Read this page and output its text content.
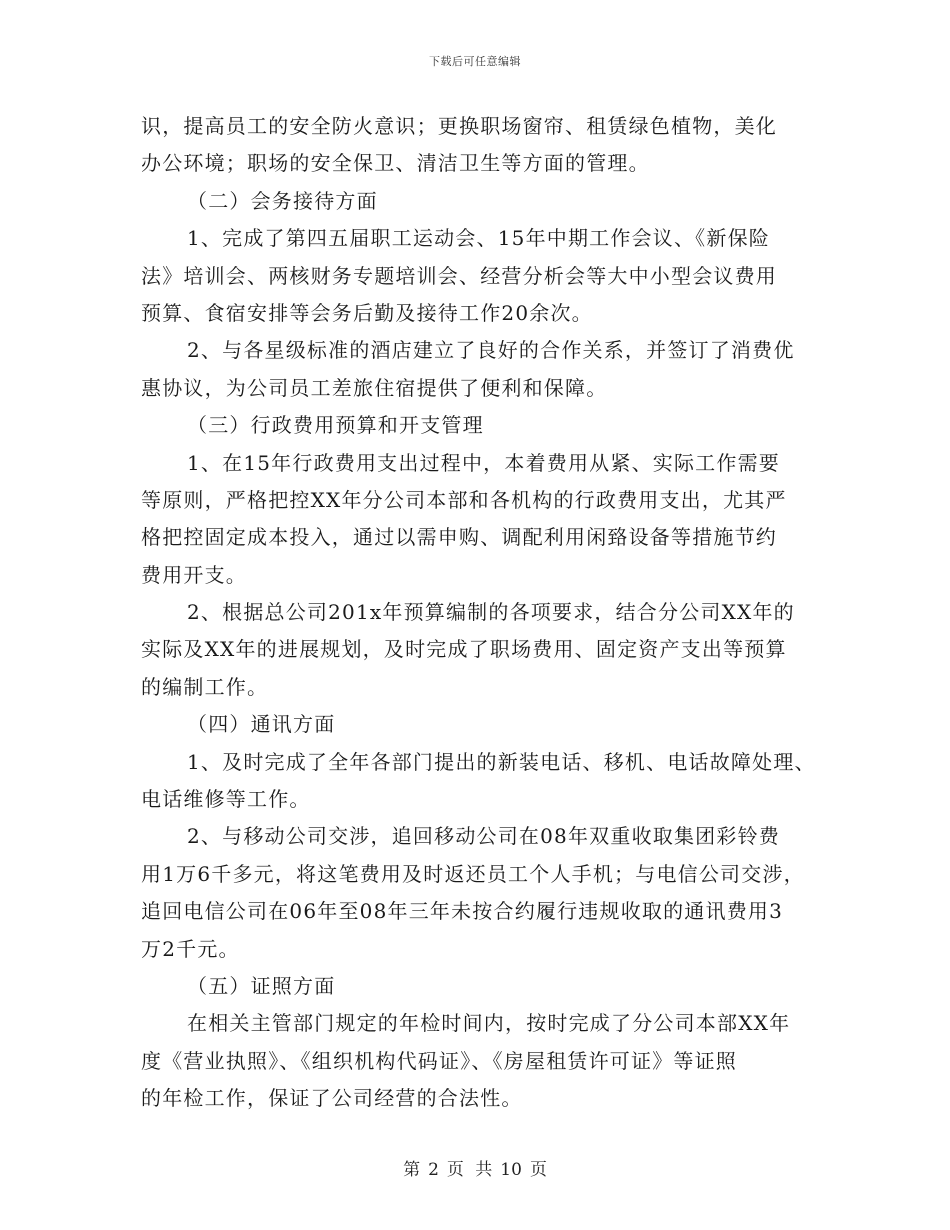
下载后可任意编辑
识，提高员工的安全防火意识；更换职场窗帘、租赁绿色植物，美化
办公环境；职场的安全保卫、清洁卫生等方面的管理。
（二）会务接待方面
1、完成了第四五届职工运动会、15年中期工作会议、《新保险
法》培训会、两核财务专题培训会、经营分析会等大中小型会议费用
预算、食宿安排等会务后勤及接待工作20余次。
2、与各星级标准的酒店建立了良好的合作关系，并签订了消费优
惠协议，为公司员工差旅住宿提供了便利和保障。
（三）行政费用预算和开支管理
1、在15年行政费用支出过程中，本着费用从紧、实际工作需要
等原则，严格把控XX年分公司本部和各机构的行政费用支出，尤其严
格把控固定成本投入，通过以需申购、调配利用闲臵设备等措施节约
费用开支。
2、根据总公司201x年预算编制的各项要求，结合分公司XX年的
实际及XX年的进展规划，及时完成了职场费用、固定资产支出等预算
的编制工作。
（四）通讯方面
1、及时完成了全年各部门提出的新装电话、移机、电话故障处理、
电话维修等工作。
2、与移动公司交涉，追回移动公司在08年双重收取集团彩铃费
用1万6千多元，将这笔费用及时返还员工个人手机；与电信公司交涉，
追回电信公司在06年至08年三年未按合约履行违规收取的通讯费用3
万2千元。
（五）证照方面
在相关主管部门规定的年检时间内，按时完成了分公司本部XX年
度《营业执照》、《组织机构代码证》、《房屋租赁许可证》等证照
的年检工作，保证了公司经营的合法性。
第 2 页 共 10 页
